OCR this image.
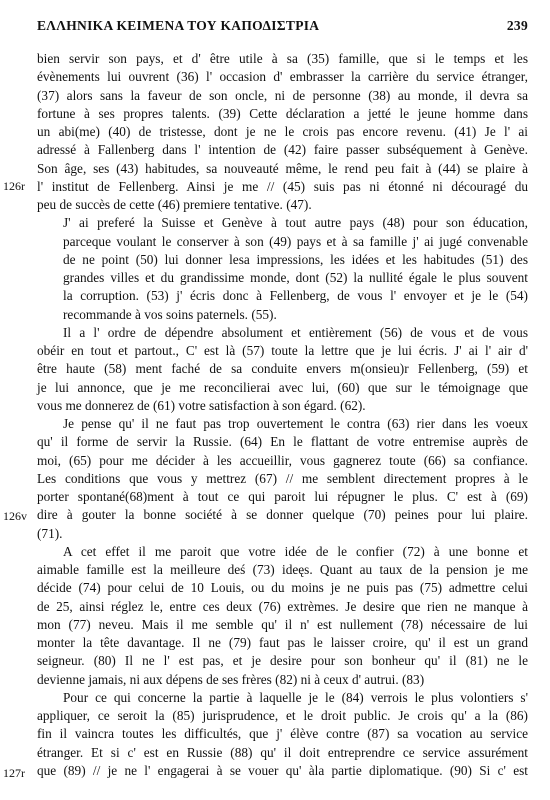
ΕΛΛΗΝΙΚΑ ΚΕΙΜΕΝΑ ΤΟΥ ΚΑΠΟΔΙΣΤΡΙΑ	239
126r
126v
127r

bien servir son pays, et d' être utile à sa (35) famille, que si le temps et les
évènements lui ouvrent (36) l' occasion d' embrasser la carrière du service étranger,
(37) alors sans la faveur de son oncle, ni de personne (38) au monde, il devra sa
fortune à ses propres talents. (39) Cette déclaration a jetté le jeune homme dans
un abi(me) (40) de tristesse, dont je ne le crois pas encore revenu. (41) Je l' ai
adressé à Fallenberg dans l' intention de (42) faire passer subséquement à Genève.
Son âge, ses (43) habitudes, sa nouveauté même, le rend peu fait à (44) se plaire à
l' institut de Fellenberg. Ainsi je me // (45) suis pas ni étonné ni découragé du
peu de succès de cette (46) premiere tentative. (47).

J' ai preferé la Suisse et Genève à tout autre pays (48) pour son éducation,
parceque voulant le conserver à son (49) pays et à sa famille j' ai jugé convenable
de ne point (50) lui donner lesa impressions, les idées et les habitudes (51) des
grandes villes et du grandissime monde, dont (52) la nullité égale le plus souvent
la corruption. (53) j' écris donc à Fellenberg, de vous l' envoyer et je le (54)
recommande à vos soins paternels. (55).

Il a l' ordre de dépendre absolument et entièrement (56) de vous et de vous
obéir en tout et partout., C' est là (57) toute la lettre que je lui écris. J' ai l' air d'
être haute (58) ment faché de sa conduite envers m(onsieu)r Fellenberg, (59) et
je lui annonce, que je me reconcilierai avec lui, (60) que sur le témoignage que
vous me donnerez de (61) votre satisfaction à son égard. (62).

Je pense qu' il ne faut pas trop ouvertement le contra (63) rier dans les voeux
qu' il forme de servir la Russie. (64) En le flattant de votre entremise auprès de
moi, (65) pour me décider à les accueillir, vous gagnerez toute (66) sa confiance.
Les conditions que vous y mettrez (67) // me semblent directement propres à le
porter spontané(68)ment à tout ce qui paroit lui répugner le plus. C' est à (69)
dire à gouter la bonne société à se donner quelque (70) peines pour lui plaire.
(71).

A cet effet il me paroit que votre idée de le confier (72) à une bonne et
aimable famille est la meilleure deś (73) ideęs. Quant au taux de la pension je me
décide (74) pour celui de 10 Louis, ou du moins je ne puis pas (75) admettre celui
de 25, ainsi réglez le, entre ces deux (76) extrèmes. Je desire que rien ne manque à
mon (77) neveu. Mais il me semble qu' il n' est nullement (78) nécessaire de lui
monter la tête davantage. Il ne (79) faut pas le laisser croire, qu' il est un grand
seigneur. (80) Il ne l' est pas, et je desire pour son bonheur qu' il (81) ne le
devienne jamais, ni aux dépens de ses frères (82) ni à ceux d' autrui. (83)

Pour ce qui concerne la partie à laquelle je le (84) verrois le plus volontiers s'
appliquer, ce seroit la (85) jurisprudence, et le droit public. Je crois qu' a la (86)
fin il vaincra toutes les difficultés, que j' élève contre (87) sa vocation au service
étranger. Et si c' est en Russie (88) qu' il doit entreprendre ce service assurément
que (89) // je ne l' engagerai à se vouer qu' àla partie diplomatique. (90) Si c' est
